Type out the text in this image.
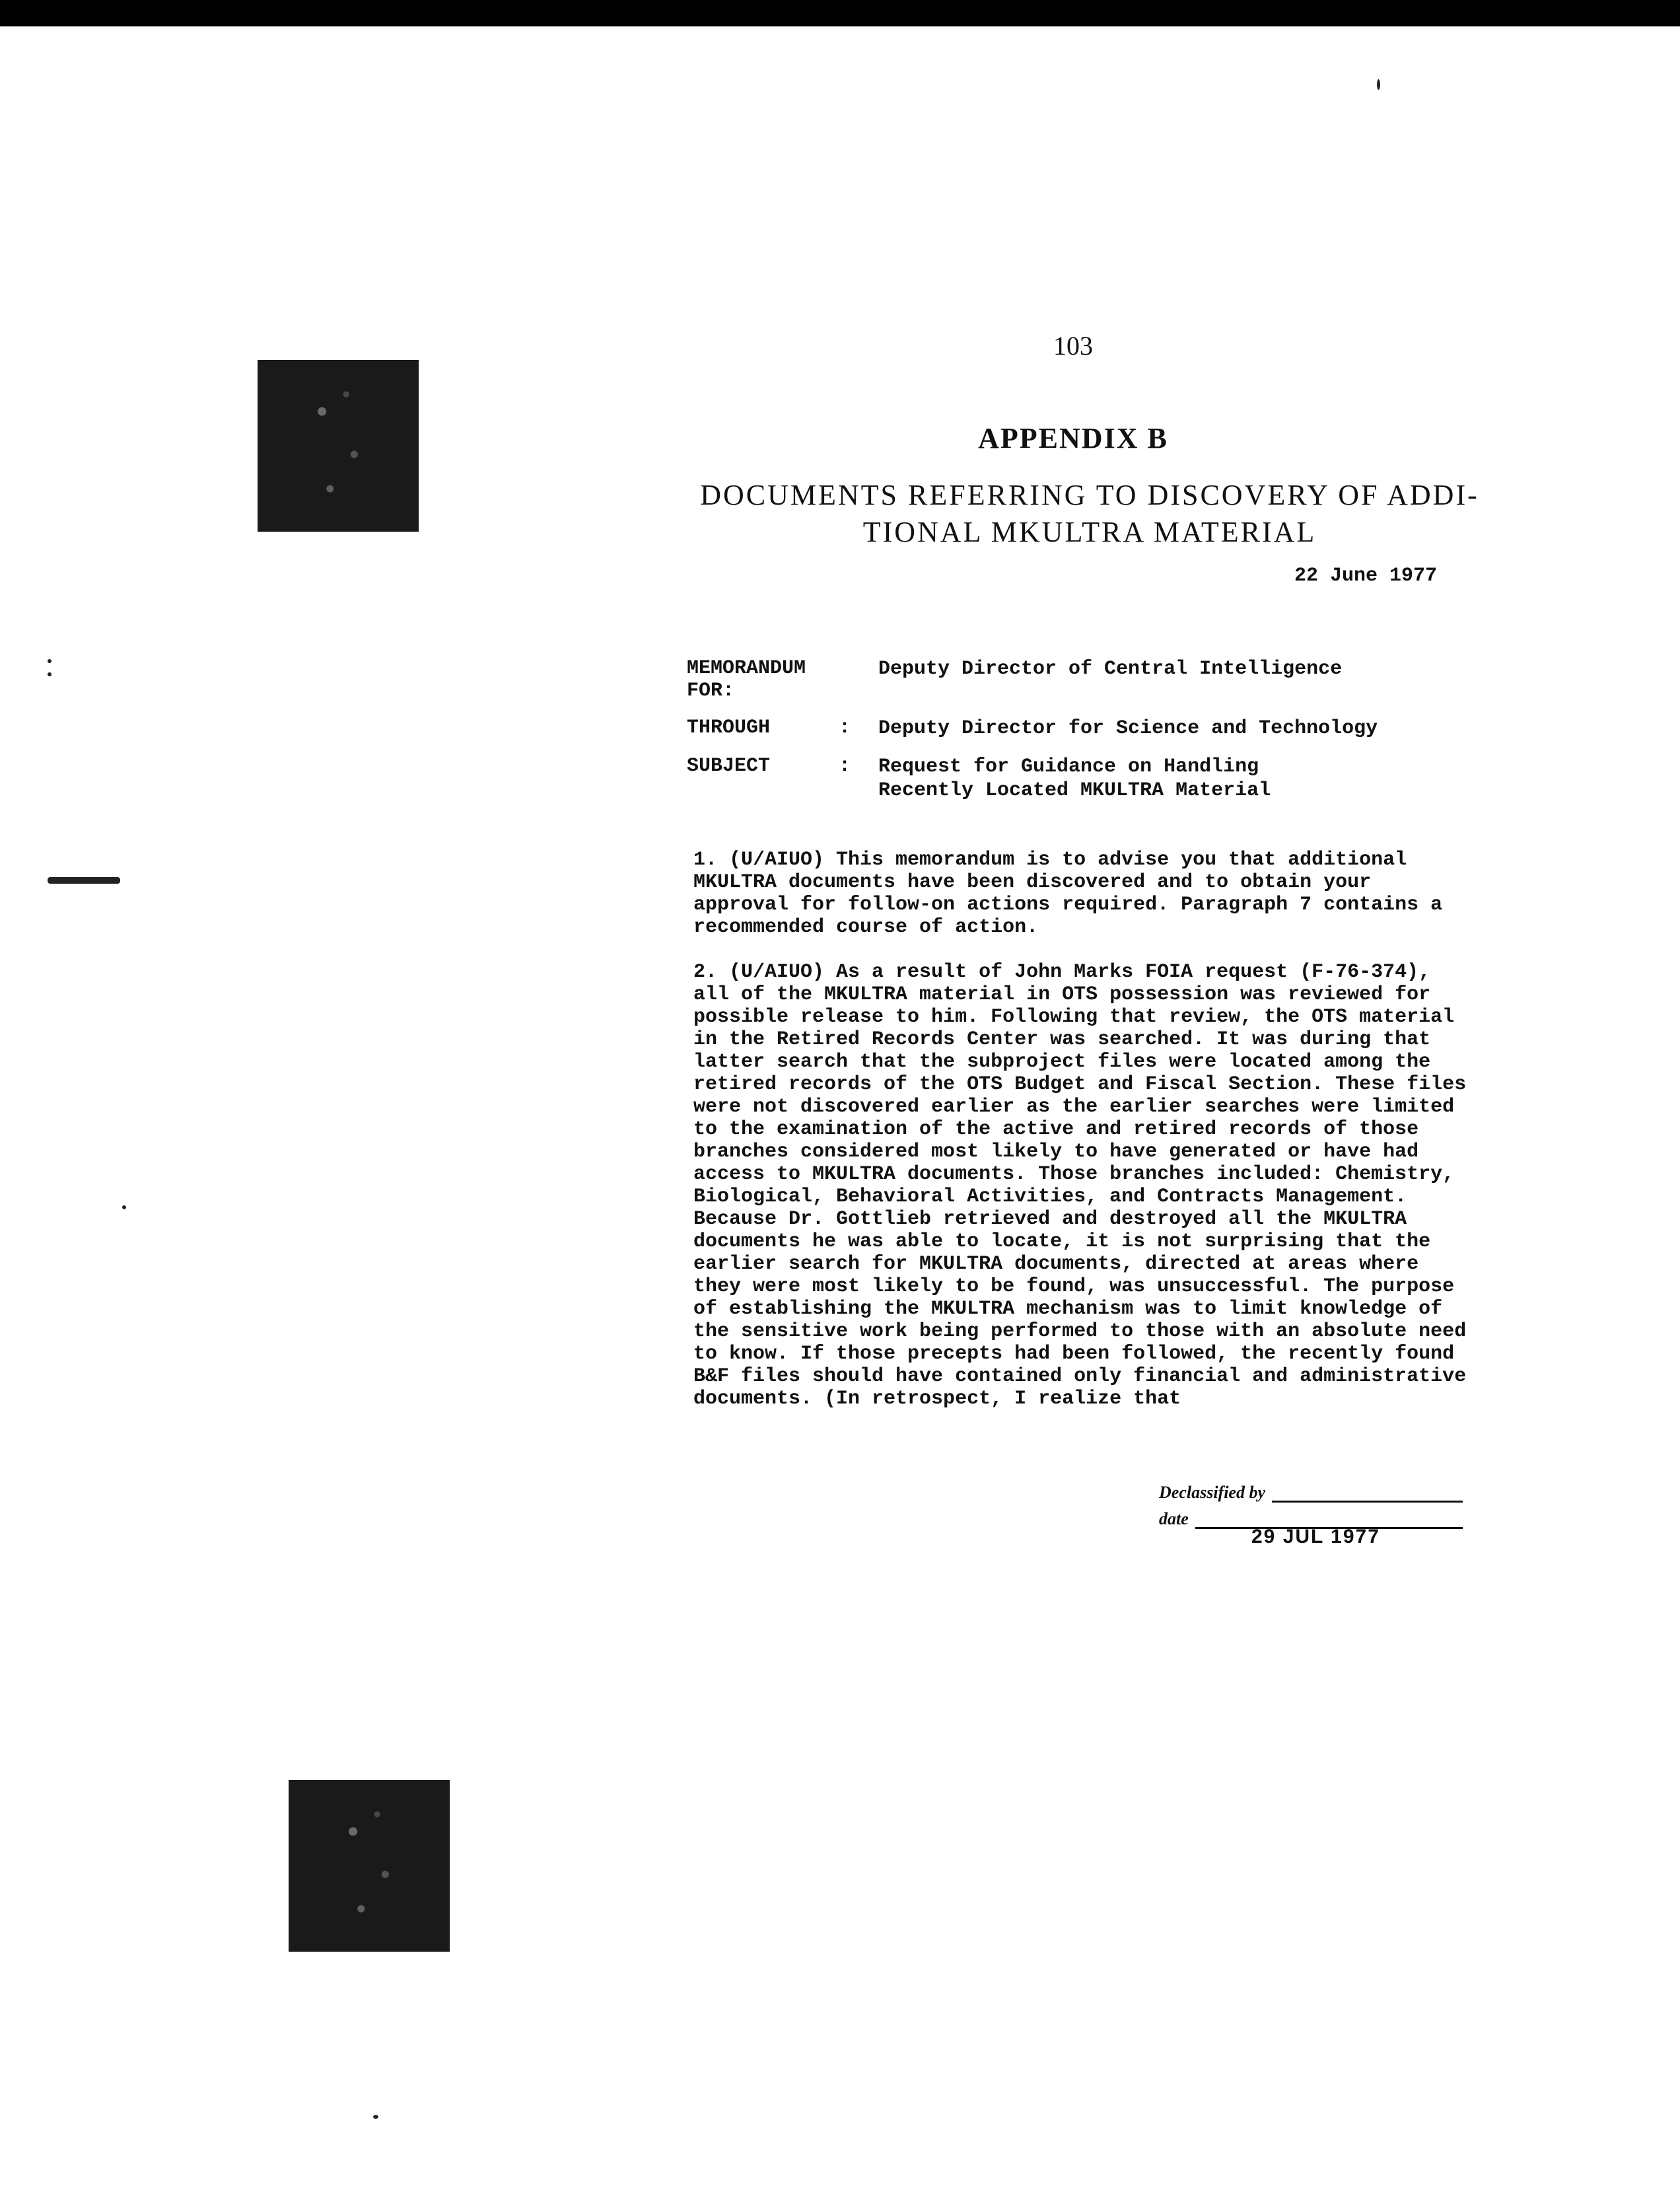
103
APPENDIX B
DOCUMENTS REFERRING TO DISCOVERY OF ADDI-
TIONAL MKULTRA MATERIAL
22 June 1977
MEMORANDUM FOR:
Deputy Director of Central Intelligence
THROUGH	:	Deputy Director for Science and Technology
SUBJECT	:	Request for Guidance on Handling
Recently Located MKULTRA Material

1. (U/AIUO) This memorandum is to advise you that additional MKULTRA documents have been discovered and to obtain your approval for follow-on actions required. Paragraph 7 contains a recommended course of action.

2. (U/AIUO) As a result of John Marks FOIA request (F-76-374), all of the MKULTRA material in OTS possession was reviewed for possible release to him. Following that review, the OTS material in the Retired Records Center was searched. It was during that latter search that the subproject files were located among the retired records of the OTS Budget and Fiscal Section. These files were not discovered earlier as the earlier searches were limited to the examination of the active and retired records of those branches considered most likely to have generated or have had access to MKULTRA documents. Those branches included: Chemistry, Biological, Behavioral Activities, and Contracts Management. Because Dr. Gottlieb retrieved and destroyed all the MKULTRA documents he was able to locate, it is not surprising that the earlier search for MKULTRA documents, directed at areas where they were most likely to be found, was unsuccessful. The purpose of establishing the MKULTRA mechanism was to limit knowledge of the sensitive work being performed to those with an absolute need to know. If those precepts had been followed, the recently found B&F files should have contained only financial and administrative documents. (In retrospect, I realize that

Declassified by
date
29 JUL 1977
